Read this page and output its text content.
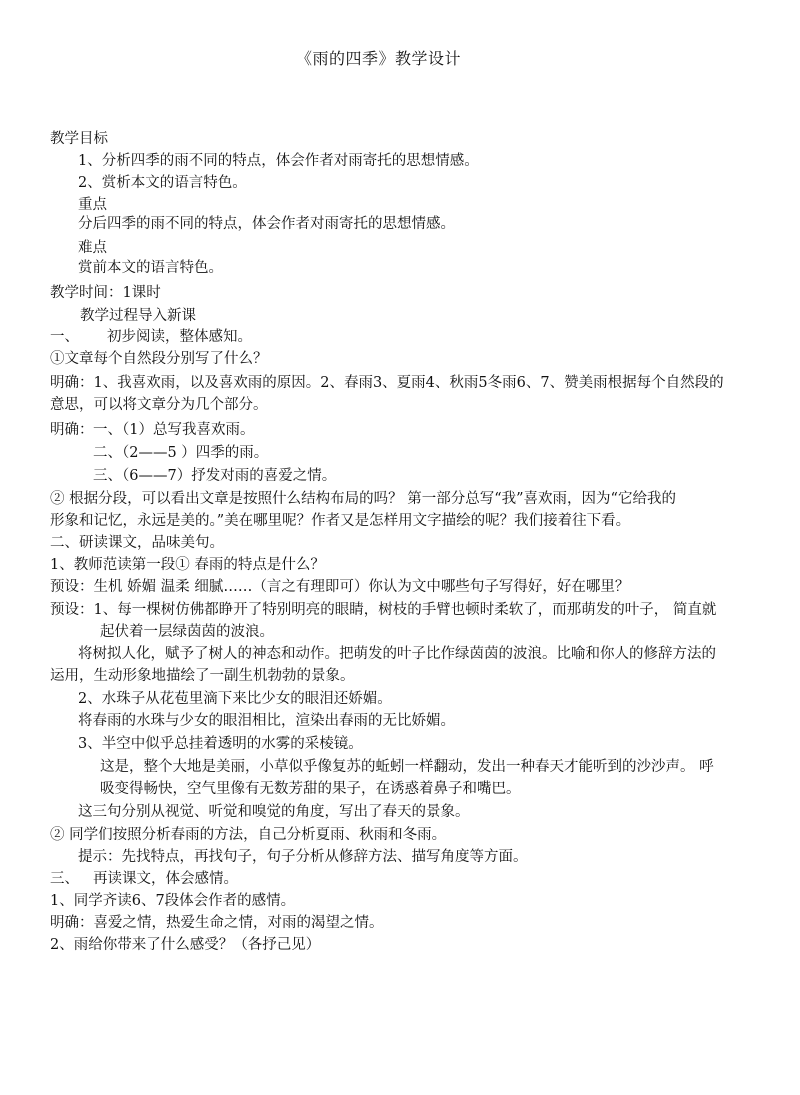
《雨的四季》教学设计
教学目标
1、分析四季的雨不同的特点，体会作者对雨寄托的思想情感。
2、赏析本文的语言特色。
重点
分后四季的雨不同的特点，体会作者对雨寄托的思想情感。
难点
赏前本文的语言特色。
教学时间：1课时
教学过程导入新课
一、 初步阅读，整体感知。
①文章每个自然段分别写了什么？
明确：1、我喜欢雨，以及喜欢雨的原因。2、春雨3、夏雨4、秋雨5冬雨6、7、赞美雨根据每个自然段的
意思，可以将文章分为几个部分。
明确： 一、（1）总写我喜欢雨。
二、（2——5 ）四季的雨。
三、（6——7）抒发对雨的喜爱之情。
② 根据分段，可以看出文章是按照什么结构布局的吗？ 第一部分总写“我”喜欢雨，因为“它给我的
形象和记忆，永远是美的。”美在哪里呢？作者又是怎样用文字描绘的呢？我们接着往下看。
二、研读课文，品味美句。
1、教师范读第一段① 春雨的特点是什么？
预设：生机 娇媚 温柔 细腻……（言之有理即可）你认为文中哪些句子写得好，好在哪里？
预设：1、每一棵树仿佛都睁开了特别明亮的眼睛，树枝的手臂也顿时柔软了，而那萌发的叶子， 简直就
起伏着一层绿茵茵的波浪。
将树拟人化，赋予了树人的神态和动作。把萌发的叶子比作绿茵茵的波浪。比喻和你人的修辞方法的
运用，生动形象地描绘了一副生机勃勃的景象。
2、水珠子从花苞里滴下来比少女的眼泪还娇媚。
将春雨的水珠与少女的眼泪相比，渲染出春雨的无比娇媚。
3、半空中似乎总挂着透明的水雾的采棱镜。
这是，整个大地是美丽，小草似乎像复苏的蚯蚓一样翻动，发出一种春天才能听到的沙沙声。 呼
吸变得畅快，空气里像有无数芳甜的果子，在诱惑着鼻子和嘴巴。
这三句分别从视觉、听觉和嗅觉的角度，写出了春天的景象。
② 同学们按照分析春雨的方法，自己分析夏雨、秋雨和冬雨。
提示：先找特点，再找句子，句子分析从修辞方法、描写角度等方面。
三、 再读课文，体会感情。
1、同学齐读6、7段体会作者的感情。
明确：喜爱之情，热爱生命之情，对雨的渴望之情。
2、雨给你带来了什么感受？（各抒己见）
